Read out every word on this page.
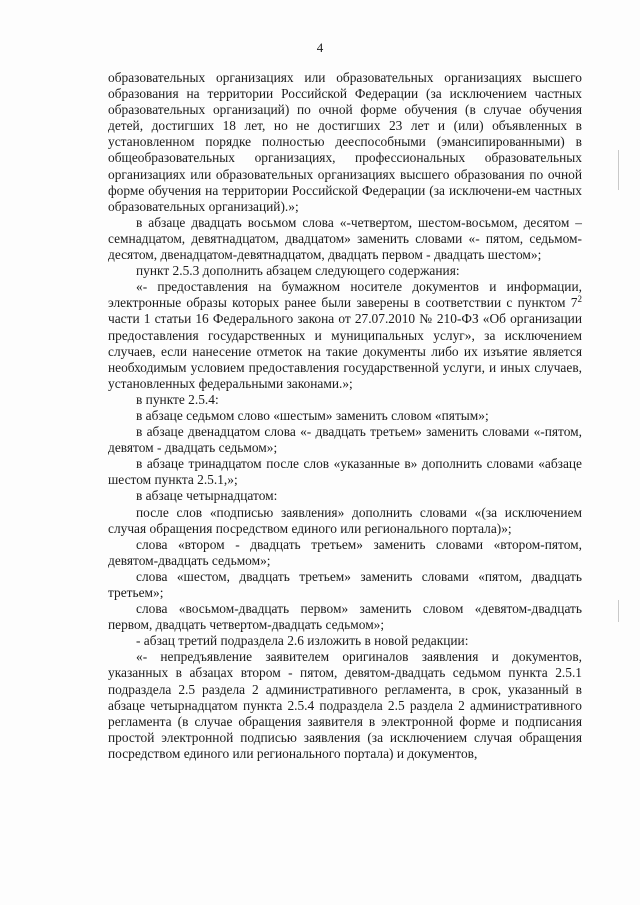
4

образовательных организациях или образовательных организациях высшего образования на территории Российской Федерации (за исключением частных образовательных организаций) по очной форме обучения (в случае обучения детей, достигших 18 лет, но не достигших 23 лет и (или) объявленных в установленном порядке полностью дееспособными (эмансипированными) в общеобразовательных организациях, профессиональных образовательных организациях или образовательных организациях высшего образования по очной форме обучения на территории Российской Федерации (за исключени-ем частных образовательных организаций).»;

в абзаце двадцать восьмом слова «-четвертом, шестом-восьмом, десятом – семнадцатом, девятнадцатом, двадцатом» заменить словами «- пятом, седьмом-десятом, двенадцатом-девятнадцатом, двадцать первом - двадцать шестом»;

пункт 2.5.3 дополнить абзацем следующего содержания:

«- предоставления на бумажном носителе документов и информации, электронные образы которых ранее были заверены в соответствии с пунктом $7^2$ части 1 статьи 16 Федерального закона от 27.07.2010 № 210-ФЗ «Об организации предоставления государственных и муниципальных услуг», за исключением случаев, если нанесение отметок на такие документы либо их изъятие является необходимым условием предоставления государственной услуги, и иных случаев, установленных федеральными законами.»;

в пункте 2.5.4:

в абзаце седьмом слово «шестым» заменить словом «пятым»;

в абзаце двенадцатом слова «- двадцать третьем» заменить словами «-пятом, девятом - двадцать седьмом»;

в абзаце тринадцатом после слов «указанные в» дополнить словами «абзаце шестом пункта 2.5.1,»;

в абзаце четырнадцатом:

после слов «подписью заявления» дополнить словами «(за исключением случая обращения посредством единого или регионального портала)»;

слова «втором - двадцать третьем» заменить словами «втором-пятом, девятом-двадцать седьмом»;

слова «шестом, двадцать третьем» заменить словами «пятом, двадцать третьем»;

слова «восьмом-двадцать первом» заменить словом «девятом-двадцать первом, двадцать четвертом-двадцать седьмом»;

- абзац третий подраздела 2.6 изложить в новой редакции:

«- непредъявление заявителем оригиналов заявления и документов, указанных в абзацах втором - пятом, девятом-двадцать седьмом пункта 2.5.1 подраздела 2.5 раздела 2 административного регламента, в срок, указанный в абзаце четырнадцатом пункта 2.5.4 подраздела 2.5 раздела 2 административного регламента (в случае обращения заявителя в электронной форме и подписания простой электронной подписью заявления (за исключением случая обращения посредством единого или регионального портала) и документов,
